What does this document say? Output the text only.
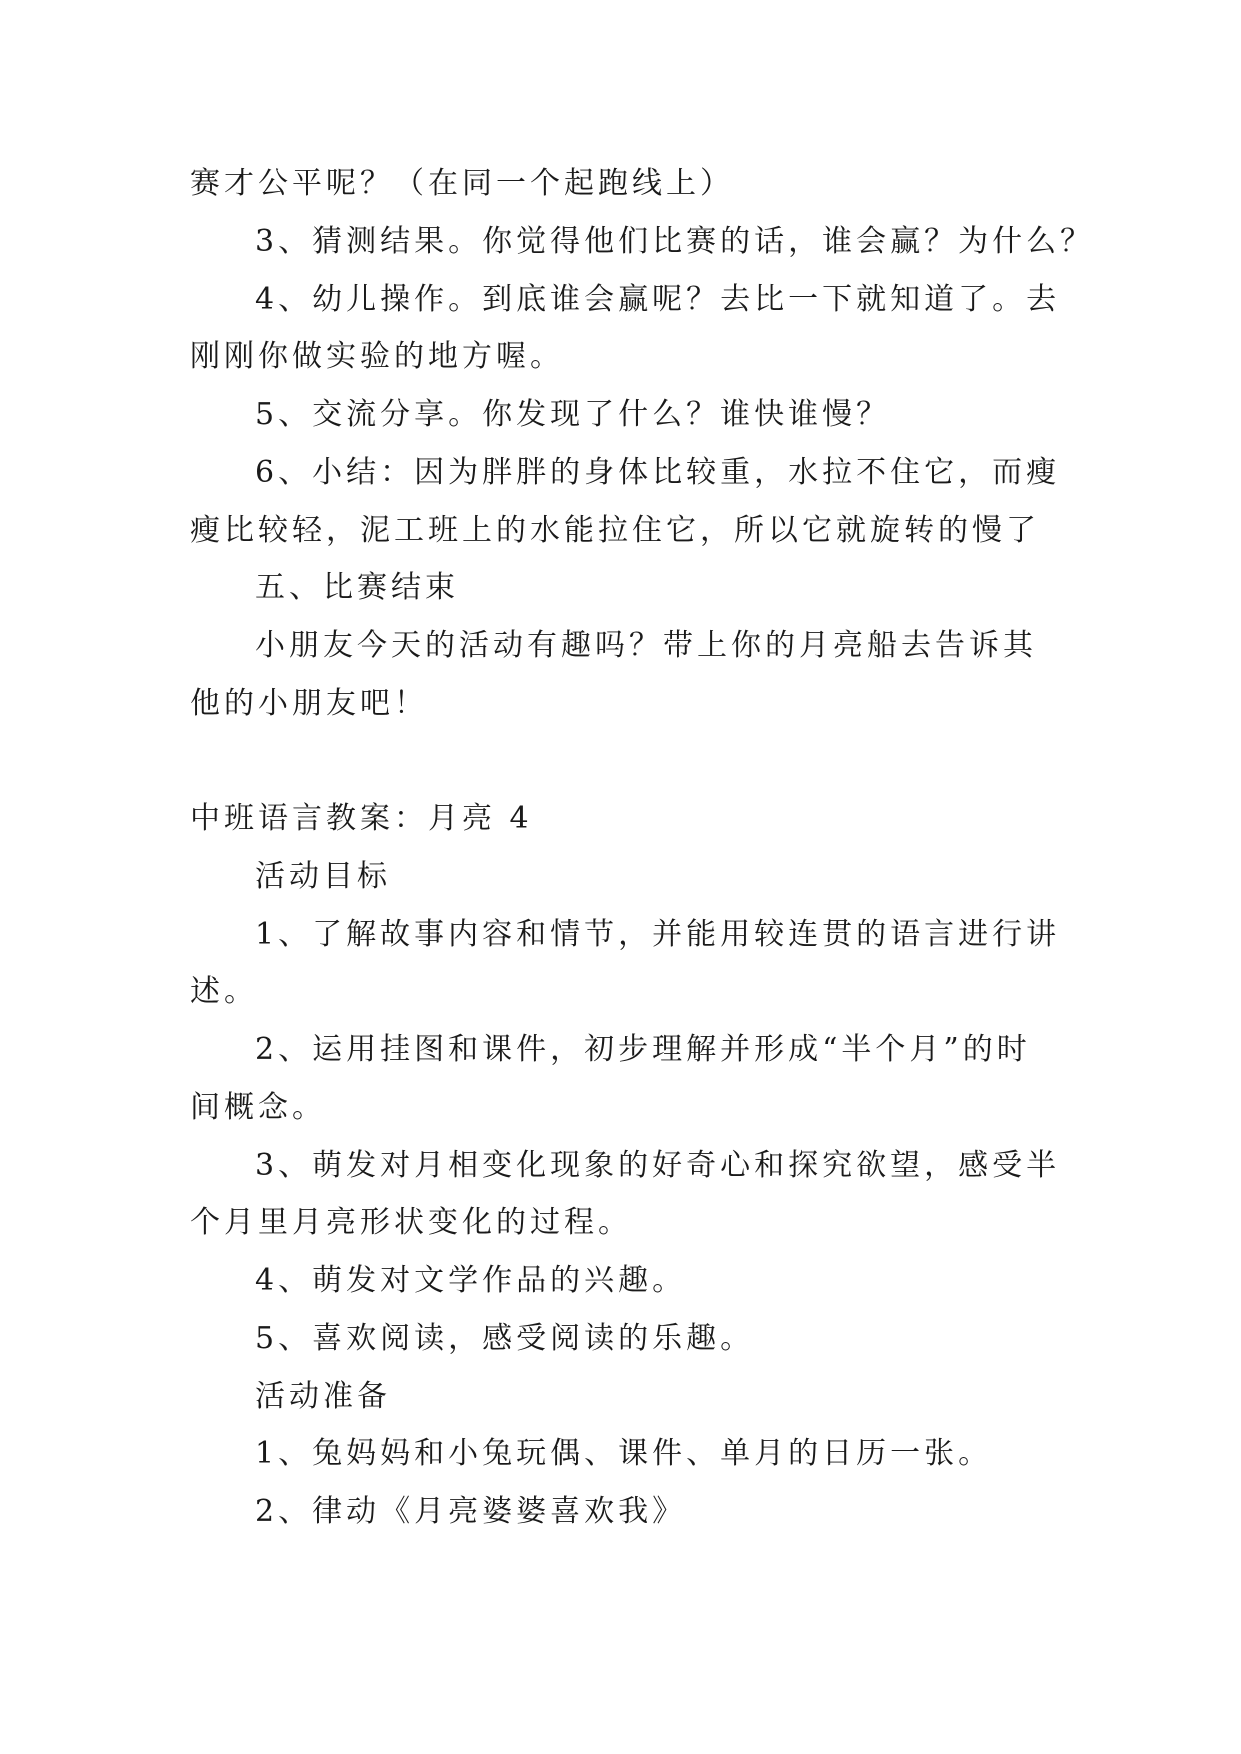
赛才公平呢？（在同一个起跑线上）
3、猜测结果。你觉得他们比赛的话，谁会赢？为什么？
4、幼儿操作。到底谁会赢呢？去比一下就知道了。去
刚刚你做实验的地方喔。
5、交流分享。你发现了什么？谁快谁慢？
6、小结：因为胖胖的身体比较重，水拉不住它，而瘦
瘦比较轻，泥工班上的水能拉住它，所以它就旋转的慢了
五、比赛结束
小朋友今天的活动有趣吗？带上你的月亮船去告诉其
他的小朋友吧！
中班语言教案：月亮 4
活动目标
1、了解故事内容和情节，并能用较连贯的语言进行讲
述。
2、运用挂图和课件，初步理解并形成“半个月”的时
间概念。
3、萌发对月相变化现象的好奇心和探究欲望，感受半
个月里月亮形状变化的过程。
4、萌发对文学作品的兴趣。
5、喜欢阅读，感受阅读的乐趣。
活动准备
1、兔妈妈和小兔玩偶、课件、单月的日历一张。
2、律动《月亮婆婆喜欢我》
